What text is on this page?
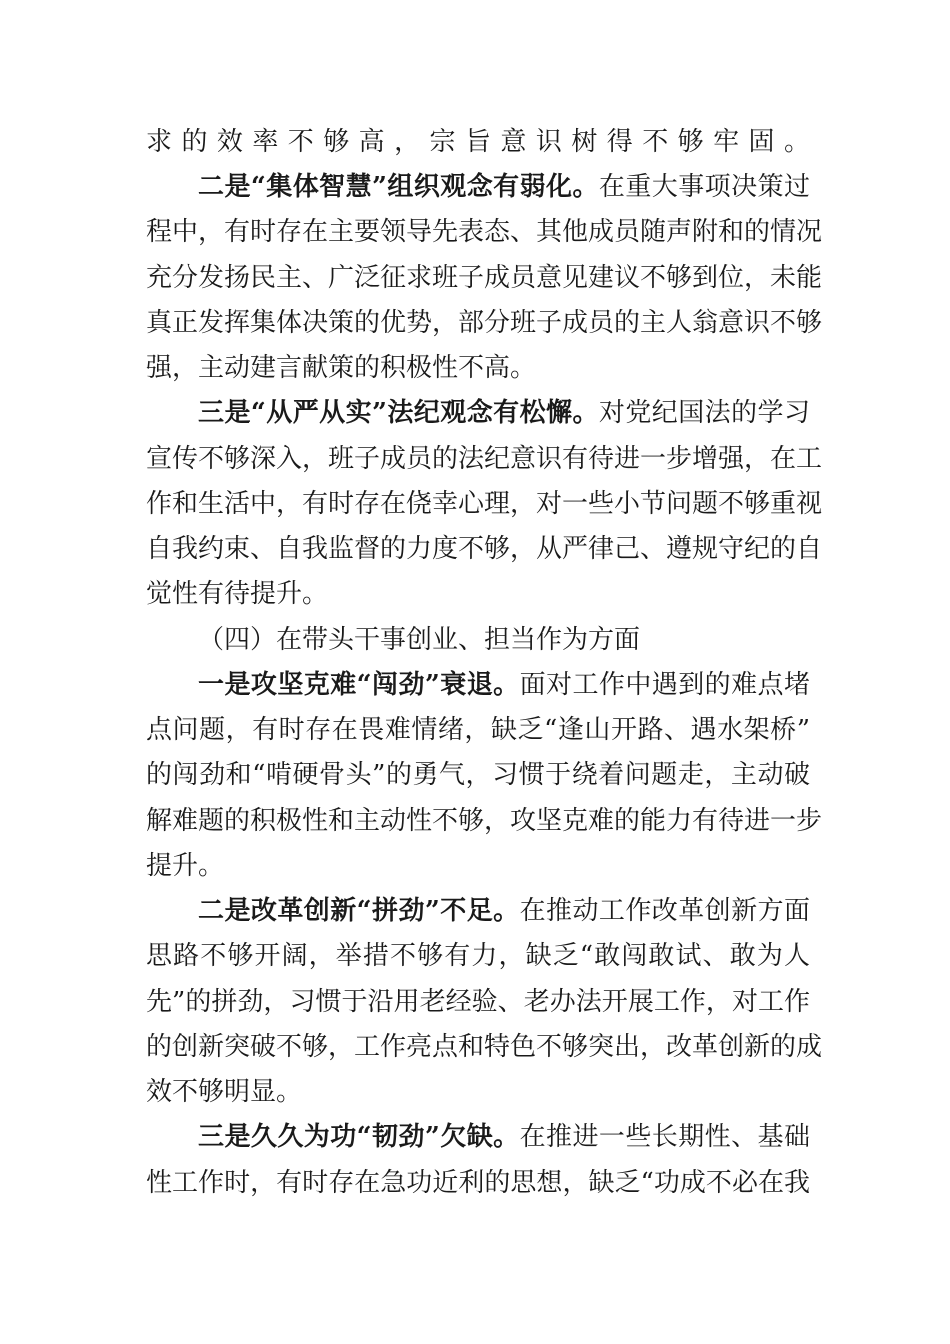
求的效率不够高，宗旨意识树得不够牢固。
二是“集体智慧”组织观念有弱化。在重大事项决策过
程中，有时存在主要领导先表态、其他成员随声附和的情况
充分发扬民主、广泛征求班子成员意见建议不够到位，未能
真正发挥集体决策的优势，部分班子成员的主人翁意识不够
强，主动建言献策的积极性不高。
三是“从严从实”法纪观念有松懈。对党纪国法的学习
宣传不够深入，班子成员的法纪意识有待进一步增强，在工
作和生活中，有时存在侥幸心理，对一些小节问题不够重视
自我约束、自我监督的力度不够，从严律己、遵规守纪的自
觉性有待提升。
（四）在带头干事创业、担当作为方面
一是攻坚克难“闯劲”衰退。面对工作中遇到的难点堵
点问题，有时存在畏难情绪，缺乏“逢山开路、遇水架桥”
的闯劲和“啃硬骨头”的勇气，习惯于绕着问题走，主动破
解难题的积极性和主动性不够，攻坚克难的能力有待进一步
提升。
二是改革创新“拼劲”不足。在推动工作改革创新方面
思路不够开阔，举措不够有力，缺乏“敢闯敢试、敢为人
先”的拼劲，习惯于沿用老经验、老办法开展工作，对工作
的创新突破不够，工作亮点和特色不够突出，改革创新的成
效不够明显。
三是久久为功“韧劲”欠缺。在推进一些长期性、基础
性工作时，有时存在急功近利的思想，缺乏“功成不必在我
